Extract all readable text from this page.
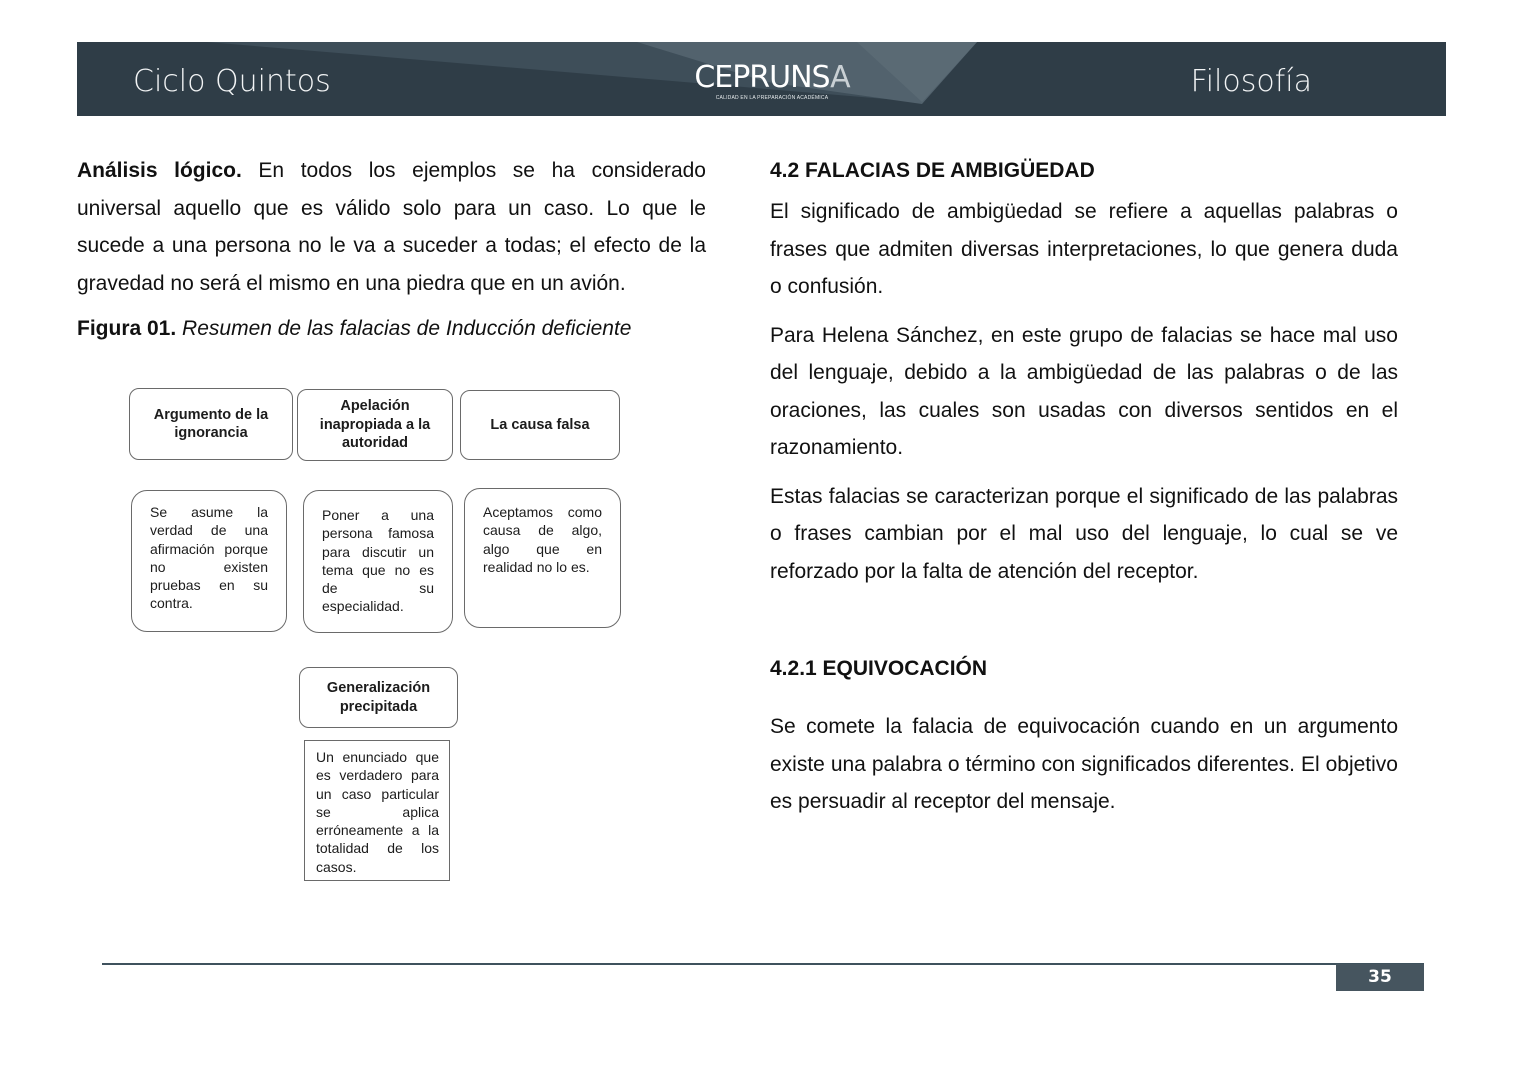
Ciclo Quintos	CEPRUNSA
CALIDAD EN LA PREPARACIÓN ACADÉMICA	Filosofía

Análisis lógico. En todos los ejemplos se ha considerado universal aquello que es válido solo para un caso. Lo que le sucede a una persona no le va a suceder a todas; el efecto de la gravedad no será el mismo en una piedra que en un avión.

Figura 01. Resumen de las falacias de Inducción deficiente

Argumento de la ignorancia
Apelación inapropiada a la autoridad
La causa falsa
Se asume la verdad de una afirmación porque no existen pruebas en su contra.
Poner a una persona famosa para discutir un tema que no es de su especialidad.
Aceptamos como causa de algo, algo que en realidad no lo es.
Generalización precipitada
Un enunciado que es verdadero para un caso particular se aplica erróneamente a la totalidad de los casos.
4.2 FALACIAS DE AMBIGÜEDAD

El significado de ambigüedad se refiere a aquellas palabras o frases que admiten diversas interpretaciones, lo que genera duda o confusión.

Para Helena Sánchez, en este grupo de falacias se hace mal uso del lenguaje, debido a la ambigüedad de las palabras o de las oraciones, las cuales son usadas con diversos sentidos en el razonamiento.

Estas falacias se caracterizan porque el significado de las palabras o frases cambian por el mal uso del lenguaje, lo cual se ve reforzado por la falta de atención del receptor.

4.2.1 EQUIVOCACIÓN

Se comete la falacia de equivocación cuando en un argumento existe una palabra o término con significados diferentes. El objetivo es persuadir al receptor del mensaje.

35
